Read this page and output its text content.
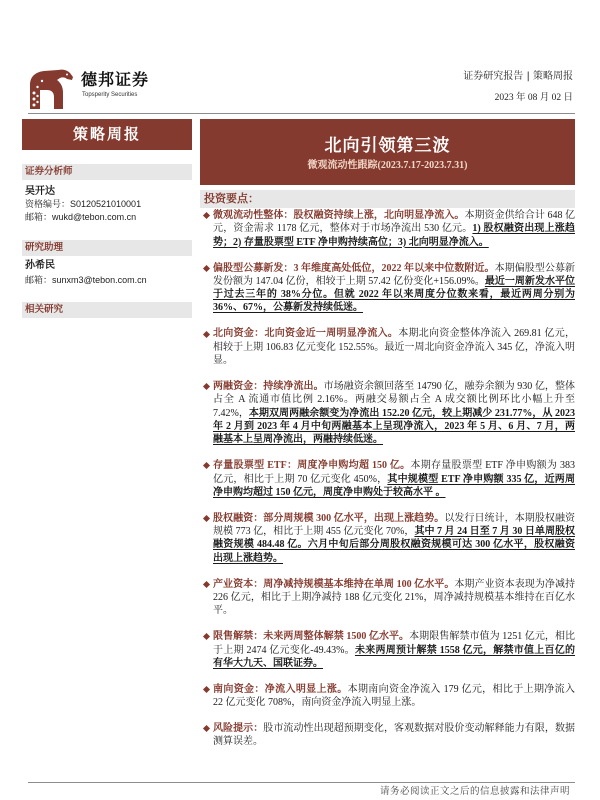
德邦证券
Topsperity Securities
证券研究报告 | 策略周报
2023 年 08 月 02 日
策略周报
证券分析师
吴开达
资格编号：S0120521010001
邮箱：wukd@tebon.com.cn
研究助理
孙希民
邮箱：sunxm3@tebon.com.cn
相关研究
北向引领第三波
微观流动性跟踪(2023.7.17-2023.7.31)
投资要点：

微观流动性整体：股权融资持续上涨，北向明显净流入。本期资金供给合计 648 亿元，资金需求 1178 亿元，整体对于市场净流出 530 亿元。1) 股权融资出现上涨趋势；2) 存量股票型 ETF 净申购持续高位；3) 北向明显净流入。

偏股型公募新发：3 年维度高处低位，2022 年以来中位数附近。本期偏股型公募新发份额为 147.04 亿份，相较于上期 57.42 亿份变化+156.09%。最近一周新发水平位于过去三年的 38%分位。但就 2022 年以来周度分位数来看，最近两周分别为 36%、67%，公募新发持续低迷。

北向资金：北向资金近一周明显净流入。本期北向资金整体净流入 269.81 亿元，相较于上期 106.83 亿元变化 152.55%。最近一周北向资金净流入 345 亿，净流入明显。

两融资金：持续净流出。市场融资余额回落至 14790 亿，融券余额为 930 亿，整体占全 A 流通市值比例 2.16%。两融交易额占全 A 成交额比例环比小幅上升至 7.42%，本期双周两融余额变为净流出 152.20 亿元，较上期减少 231.77%，从 2023 年 2 月到 2023 年 4 月中旬两融基本上呈现净流入，2023 年 5 月、6 月、7 月，两融基本上呈周净流出，两融持续低迷。

存量股票型 ETF：周度净申购均超 150 亿。本期存量股票型 ETF 净申购额为 383 亿元，相比于上期 70 亿元变化 450%，其中规模型 ETF 净申购额 335 亿，近两周净申购均超过 150 亿元，周度净申购处于较高水平 。

股权融资：部分周规模 300 亿水平，出现上涨趋势。以发行日统计，本期股权融资规模 773 亿，相比于上期 455 亿元变化 70%，其中 7 月 24 日至 7 月 30 日单周股权融资规模 484.48 亿。六月中旬后部分周股权融资规模可达 300 亿水平，股权融资出现上涨趋势。

产业资本：周净减持规模基本维持在单周 100 亿水平。本期产业资本表现为净减持 226 亿元，相比于上期净减持 188 亿元变化 21%，周净减持规模基本维持在百亿水平。

限售解禁：未来两周整体解禁 1500 亿水平。本期限售解禁市值为 1251 亿元，相比于上期 2474 亿元变化-49.43%。未来两周预计解禁 1558 亿元，解禁市值上百亿的有华大九天、国联证券。

南向资金：净流入明显上涨。本期南向资金净流入 179 亿元，相比于上期净流入 22 亿元变化 708%，南向资金净流入明显上涨。

风险提示：股市流动性出现超预期变化，客观数据对股价变动解释能力有限，数据测算误差。

请务必阅读正文之后的信息披露和法律声明
